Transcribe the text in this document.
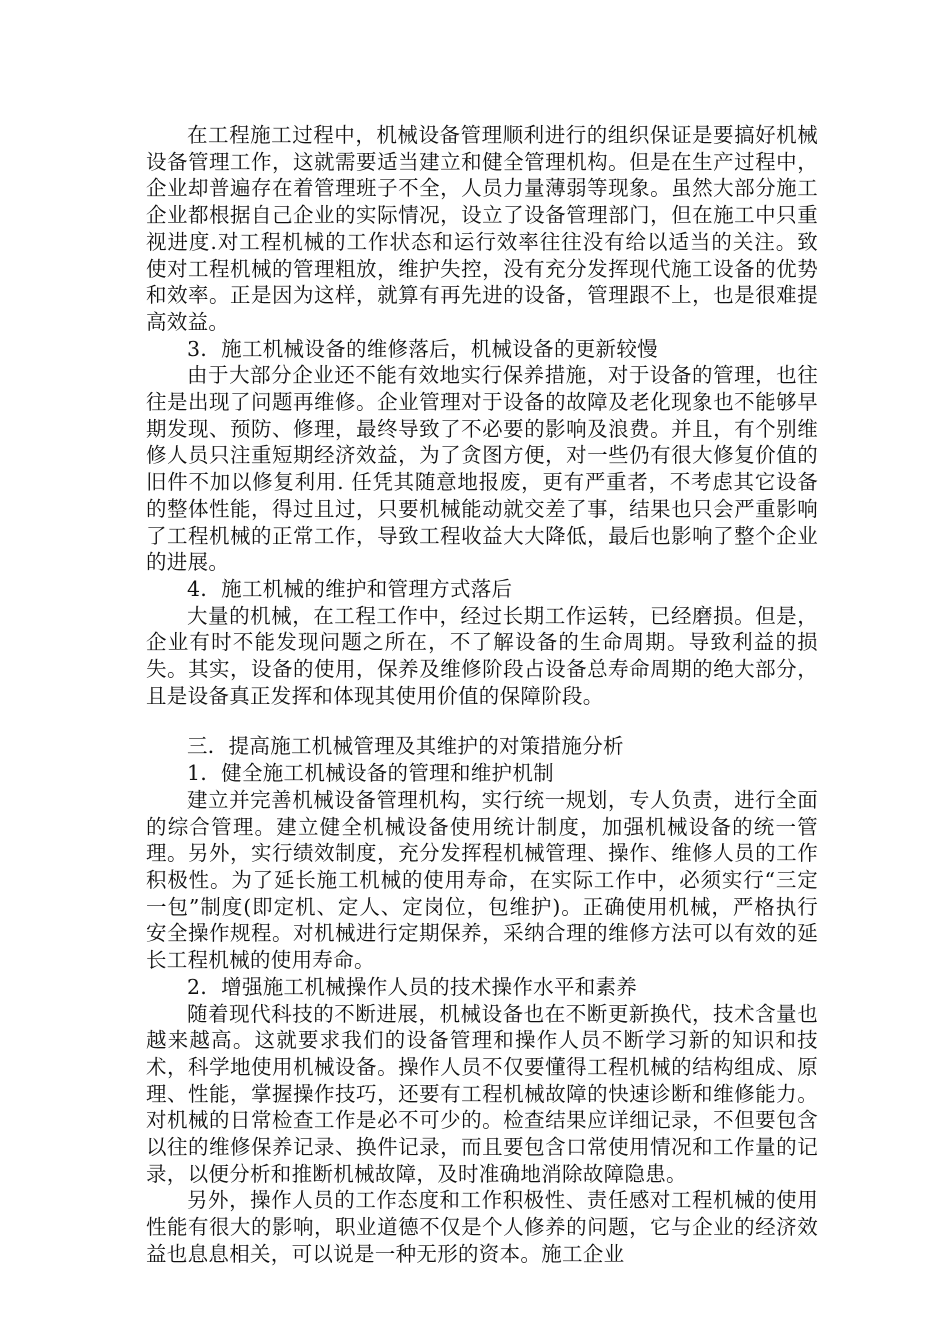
在工程施工过程中，机械设备管理顺利进行的组织保证是要搞好机械设备管理工作，这就需要适当建立和健全管理机构。但是在生产过程中，企业却普遍存在着管理班子不全，人员力量薄弱等现象。虽然大部分施工企业都根据自己企业的实际情况，设立了设备管理部门，但在施工中只重视进度.对工程机械的工作状态和运行效率往往没有给以适当的关注。致使对工程机械的管理粗放，维护失控，没有充分发挥现代施工设备的优势和效率。正是因为这样，就算有再先进的设备，管理跟不上，也是很难提高效益。

3．施工机械设备的维修落后，机械设备的更新较慢

由于大部分企业还不能有效地实行保养措施，对于设备的管理，也往往是出现了问题再维修。企业管理对于设备的故障及老化现象也不能够早期发现、预防、修理，最终导致了不必要的影响及浪费。并且，有个别维修人员只注重短期经济效益，为了贪图方便，对一些仍有很大修复价值的旧件不加以修复利用. 任凭其随意地报废，更有严重者，不考虑其它设备的整体性能，得过且过，只要机械能动就交差了事，结果也只会严重影响了工程机械的正常工作，导致工程收益大大降低，最后也影响了整个企业的进展。

4．施工机械的维护和管理方式落后

大量的机械，在工程工作中，经过长期工作运转，已经磨损。但是，企业有时不能发现问题之所在，不了解设备的生命周期。导致利益的损失。其实，设备的使用，保养及维修阶段占设备总寿命周期的绝大部分，且是设备真正发挥和体现其使用价值的保障阶段。

三．提高施工机械管理及其维护的对策措施分析

1．健全施工机械设备的管理和维护机制

建立并完善机械设备管理机构，实行统一规划，专人负责，进行全面的综合管理。建立健全机械设备使用统计制度，加强机械设备的统一管理。另外，实行绩效制度，充分发挥程机械管理、操作、维修人员的工作积极性。为了延长施工机械的使用寿命，在实际工作中，必须实行“三定一包”制度(即定机、定人、定岗位，包维护)。正确使用机械，严格执行安全操作规程。对机械进行定期保养，采纳合理的维修方法可以有效的延长工程机械的使用寿命。

2．增强施工机械操作人员的技术操作水平和素养

随着现代科技的不断进展，机械设备也在不断更新换代，技术含量也越来越高。这就要求我们的设备管理和操作人员不断学习新的知识和技术，科学地使用机械设备。操作人员不仅要懂得工程机械的结构组成、原理、性能，掌握操作技巧，还要有工程机械故障的快速诊断和维修能力。对机械的日常检查工作是必不可少的。检查结果应详细记录，不但要包含以往的维修保养记录、换件记录，而且要包含口常使用情况和工作量的记录，以便分析和推断机械故障，及时准确地消除故障隐患。

另外，操作人员的工作态度和工作积极性、责任感对工程机械的使用性能有很大的影响，职业道德不仅是个人修养的问题，它与企业的经济效益也息息相关，可以说是一种无形的资本。施工企业
